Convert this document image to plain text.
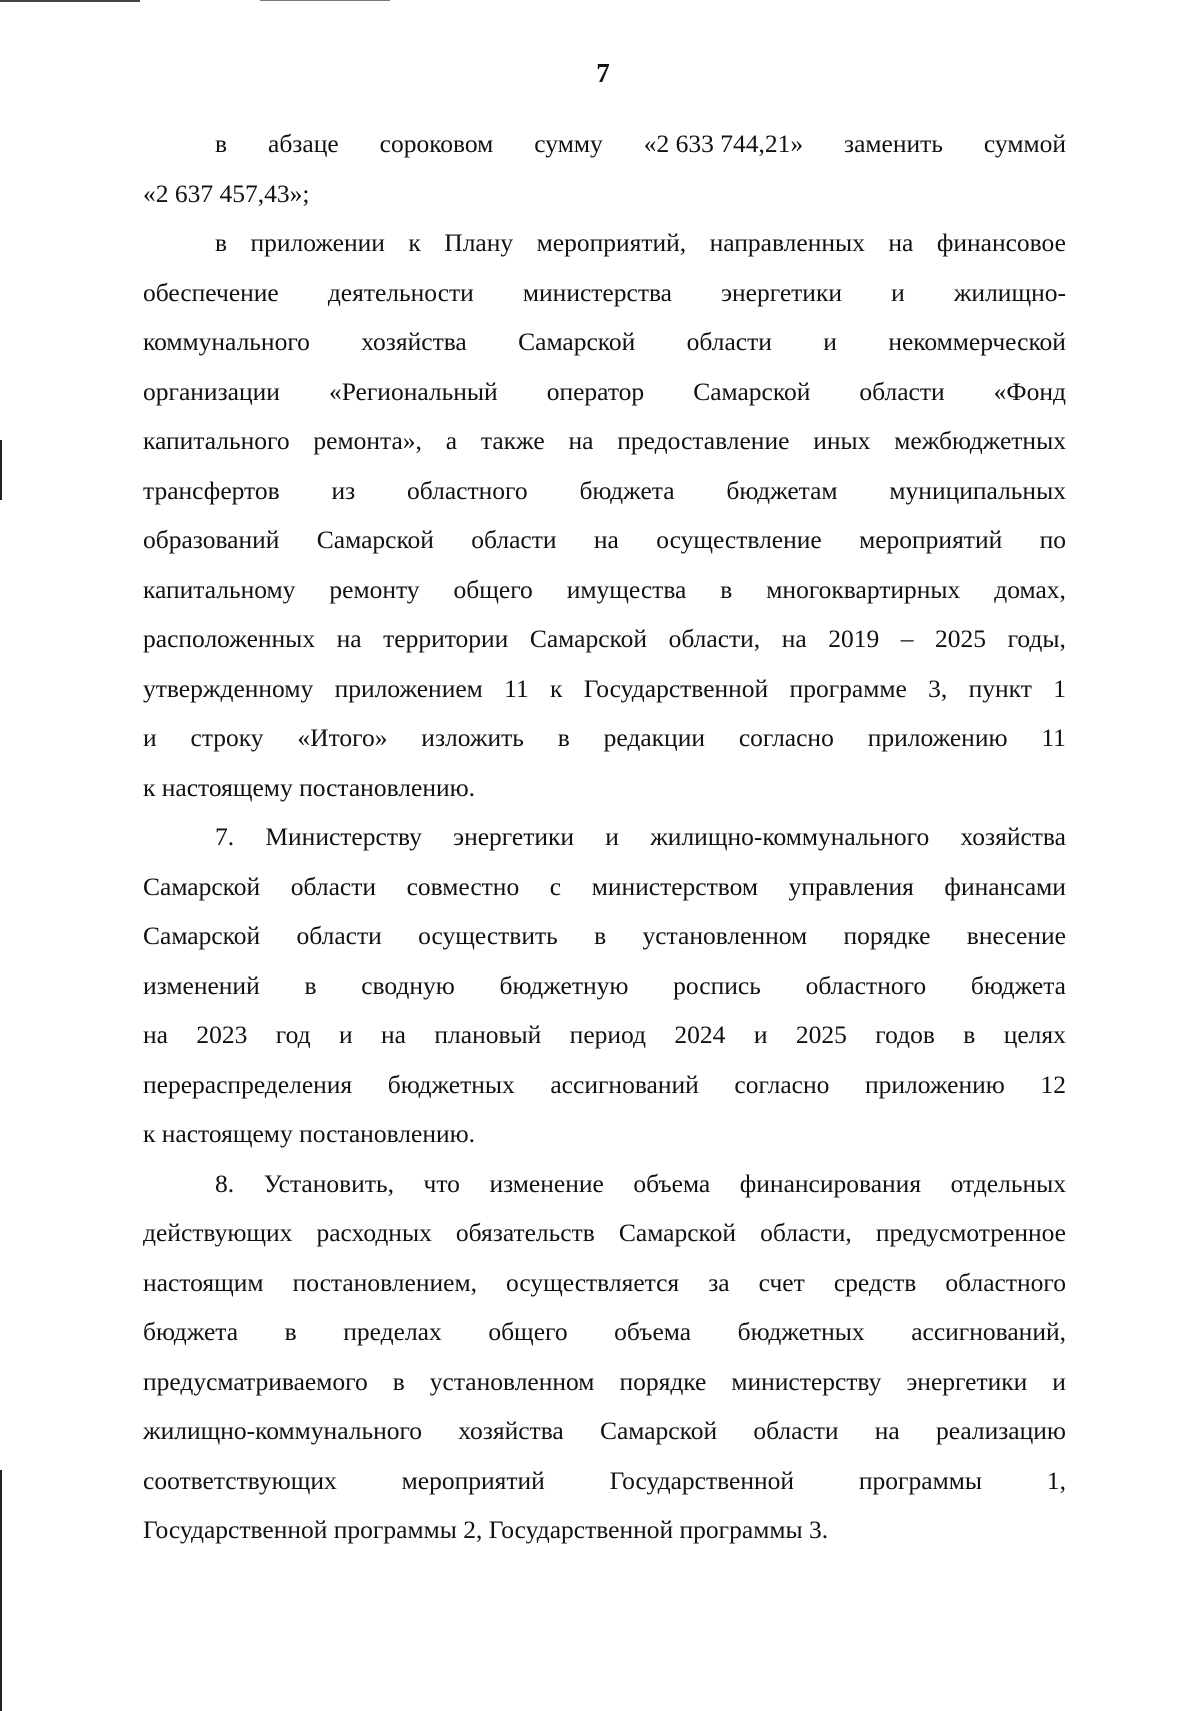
7
в абзаце сороковом сумму «2 633 744,21» заменить суммой
«2 637 457,43»;
в приложении к Плану мероприятий, направленных на финансовое
обеспечение деятельности министерства энергетики и жилищно-
коммунального хозяйства Самарской области и некоммерческой
организации «Региональный оператор Самарской области «Фонд
капитального ремонта», а также на предоставление иных межбюджетных
трансфертов из областного бюджета бюджетам муниципальных
образований Самарской области на осуществление мероприятий по
капитальному ремонту общего имущества в многоквартирных домах,
расположенных на территории Самарской области, на 2019 – 2025 годы,
утвержденному приложением 11 к Государственной программе 3, пункт 1
и строку «Итого» изложить в редакции согласно приложению 11
к настоящему постановлению.
7. Министерству энергетики и жилищно-коммунального хозяйства
Самарской области совместно с министерством управления финансами
Самарской области осуществить в установленном порядке внесение
изменений в сводную бюджетную роспись областного бюджета
на 2023 год и на плановый период 2024 и 2025 годов в целях
перераспределения бюджетных ассигнований согласно приложению 12
к настоящему постановлению.
8. Установить, что изменение объема финансирования отдельных
действующих расходных обязательств Самарской области, предусмотренное
настоящим постановлением, осуществляется за счет средств областного
бюджета в пределах общего объема бюджетных ассигнований,
предусматриваемого в установленном порядке министерству энергетики и
жилищно-коммунального хозяйства Самарской области на реализацию
соответствующих	мероприятий	Государственной	программы	1,
Государственной программы 2, Государственной программы 3.
